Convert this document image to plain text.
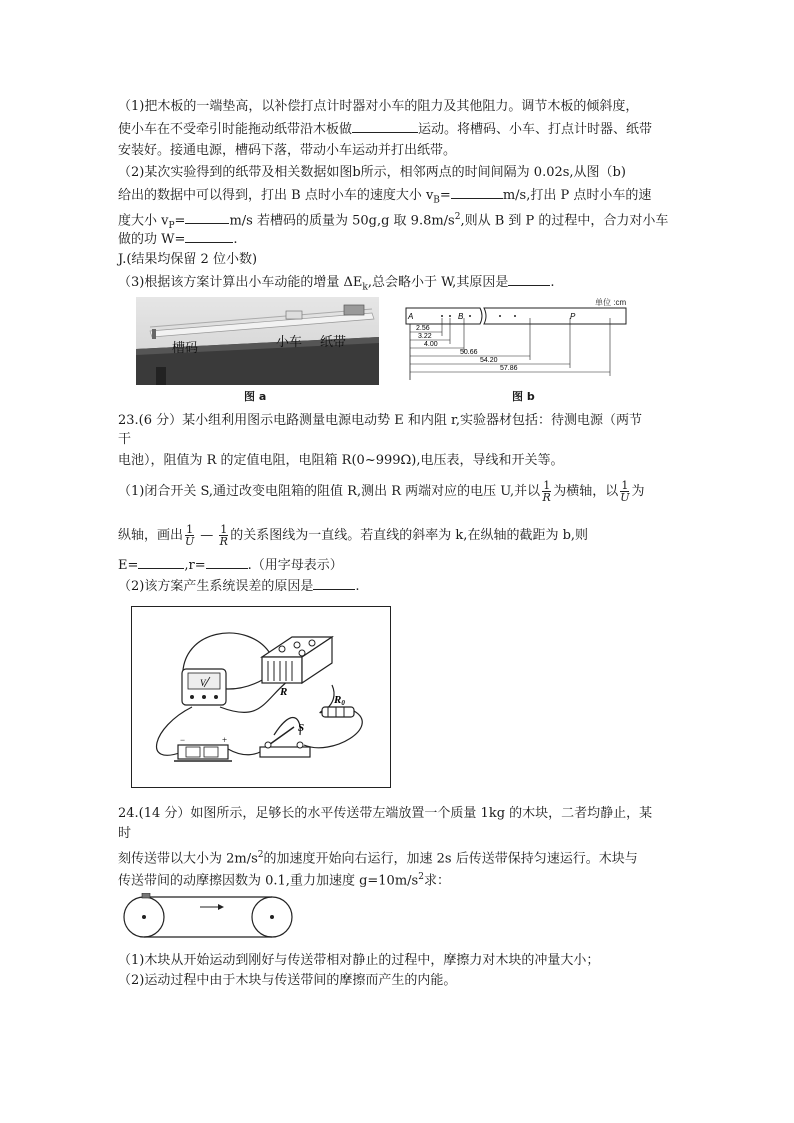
（1)把木板的一端垫高，以补偿打点计时器对小车的阻力及其他阻力。调节木板的倾斜度，
使小车在不受牵引时能拖动纸带沿木板做	运动。将槽码、小车、打点计时器、纸带
安装好。接通电源，槽码下落，带动小车运动并打出纸带。
（2)某次实验得到的纸带及相关数据如图b所示，相邻两点的时间间隔为 0.02s,从图（b)
给出的数据中可以得到，打出 B 点时小车的速度大小 $v_B=$	m/s,打出 P 点时小车的速
度大小 $v_P=$	m/s 若槽码的质量为 50g,g 取 $9.8m/s^2$,则从 B 到 P 的过程中，合力对小车
做的功 W=	.
J.(结果均保留 2 位小数)
（3)根据该方案计算出小车动能的增量 $\Delta E_k$,总会略小于 W,其原因是	.
槽码	小车 纸带
图 a
单位 :cm
A	B	P
2.56
3.22
4.00
50.66
54.20
57.86
图 b
23.(6 分）某小组利用图示电路测量电源电动势 E 和内阻 r,实验器材包括：待测电源（两节
干
电池），阻值为 R 的定值电阻，电阻箱 R(0~999Ω),电压表，导线和开关等。
（1)闭合开关 S,通过改变电阻箱的阻值 R,测出 R 两端对应的电压 U,并以 $\frac{1}{R}$ 为横轴，以 $\frac{1}{U}$ 为
纵轴，画出 $\frac{1}{U}$ — $\frac{1}{R}$ 的关系图线为一直线。若直线的斜率为 k,在纵轴的截距为 b,则
E=	,r=	.（用字母表示）
（2)该方案产生系统误差的原因是	.
V
R
R0
−	+
S
24.(14 分）如图所示，足够长的水平传送带左端放置一个质量 1kg 的木块，二者均静止，某
时
刻传送带以大小为 $2m/s^2$的加速度开始向右运行，加速 2s 后传送带保持匀速运行。木块与
传送带间的动摩擦因数为 0.1,重力加速度 $g=10m/s^2$求：
（1)木块从开始运动到刚好与传送带相对静止的过程中，摩擦力对木块的冲量大小；
（2)运动过程中由于木块与传送带间的摩擦而产生的内能。
